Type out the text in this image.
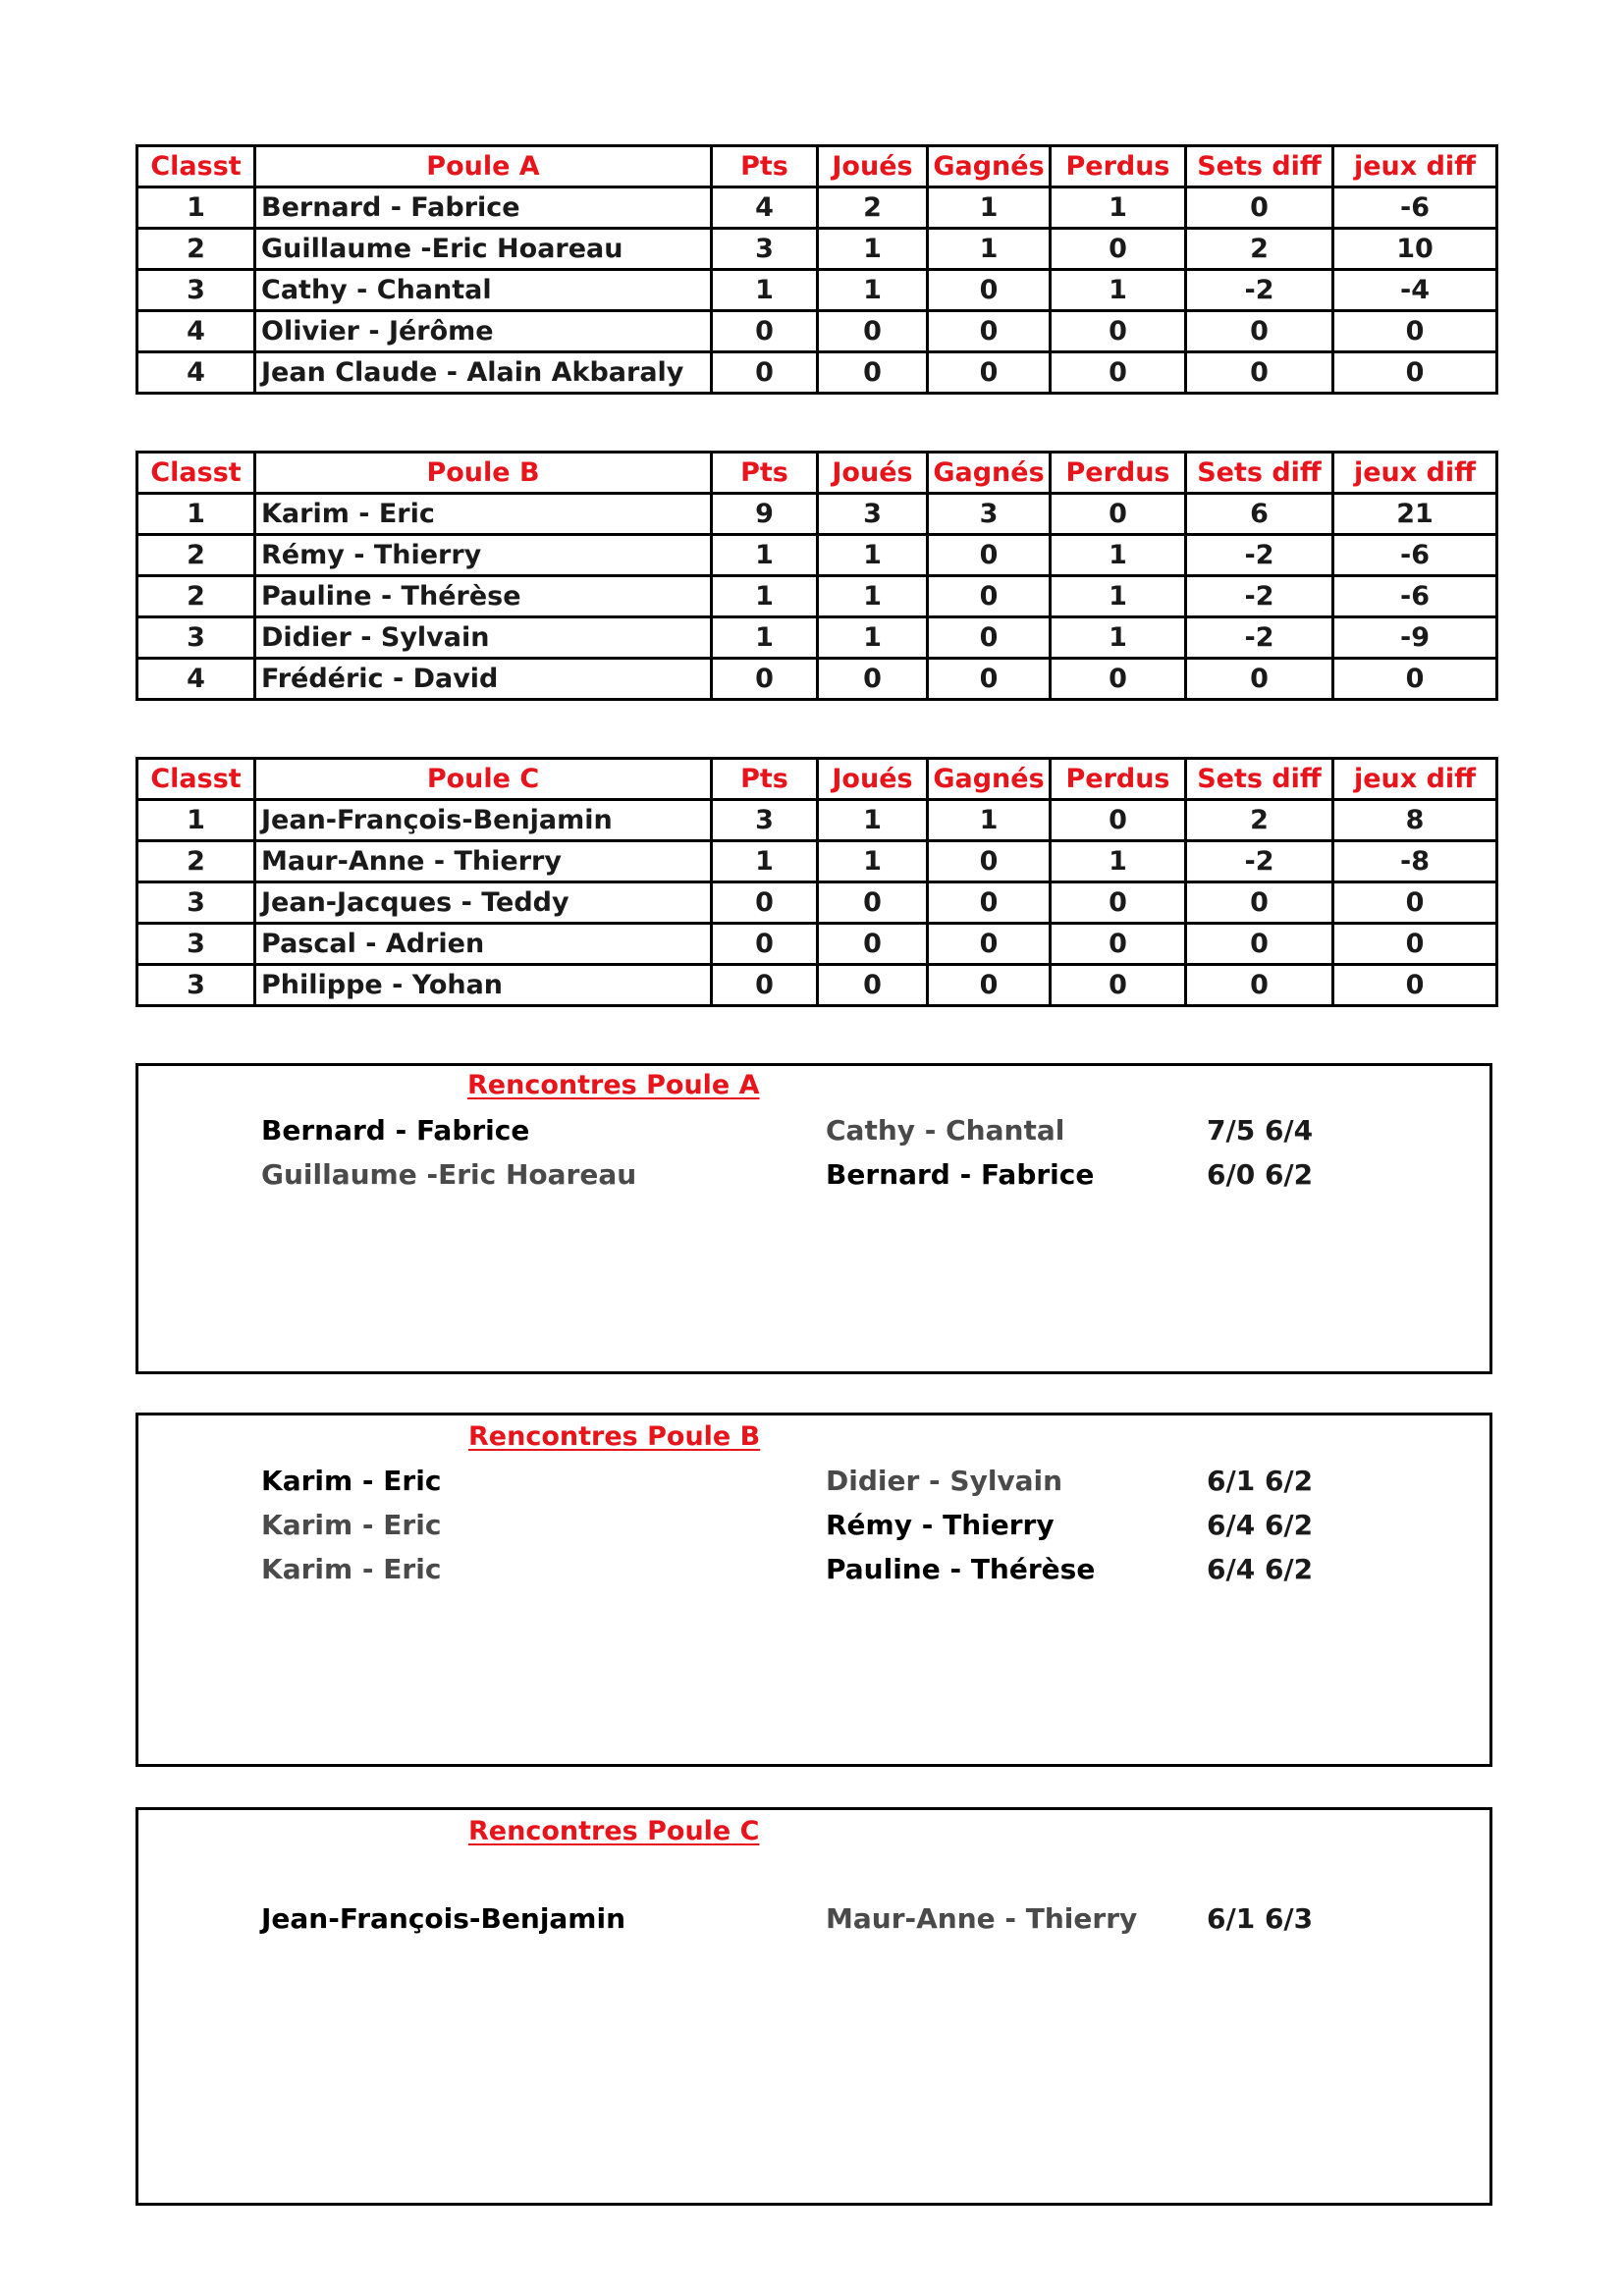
Classt	Poule A	Pts	Joués	Gagnés	Perdus	Sets diff	jeux diff
1	Bernard - Fabrice	4	2	1	1	0	-6
2	Guillaume -Eric Hoareau	3	1	1	0	2	10
3	Cathy - Chantal	1	1	0	1	-2	-4
4	Olivier - Jérôme	0	0	0	0	0	0
4	Jean Claude - Alain Akbaraly	0	0	0	0	0	0
Classt	Poule B	Pts	Joués	Gagnés	Perdus	Sets diff	jeux diff
1	Karim - Eric	9	3	3	0	6	21
2	Rémy - Thierry	1	1	0	1	-2	-6
2	Pauline - Thérèse	1	1	0	1	-2	-6
3	Didier - Sylvain	1	1	0	1	-2	-9
4	Frédéric - David	0	0	0	0	0	0
Classt	Poule C	Pts	Joués	Gagnés	Perdus	Sets diff	jeux diff
1	Jean-François-Benjamin	3	1	1	0	2	8
2	Maur-Anne - Thierry	1	1	0	1	-2	-8
3	Jean-Jacques - Teddy	0	0	0	0	0	0
3	Pascal - Adrien	0	0	0	0	0	0
3	Philippe - Yohan	0	0	0	0	0	0
Rencontres Poule A
Bernard - Fabrice	Cathy - Chantal	7/5 6/4
Guillaume -Eric Hoareau	Bernard - Fabrice	6/0 6/2
Rencontres Poule B
Karim - Eric	Didier - Sylvain	6/1 6/2
Karim - Eric	Rémy - Thierry	6/4 6/2
Karim - Eric	Pauline - Thérèse	6/4 6/2
Rencontres Poule C
Jean-François-Benjamin	Maur-Anne - Thierry	6/1 6/3
